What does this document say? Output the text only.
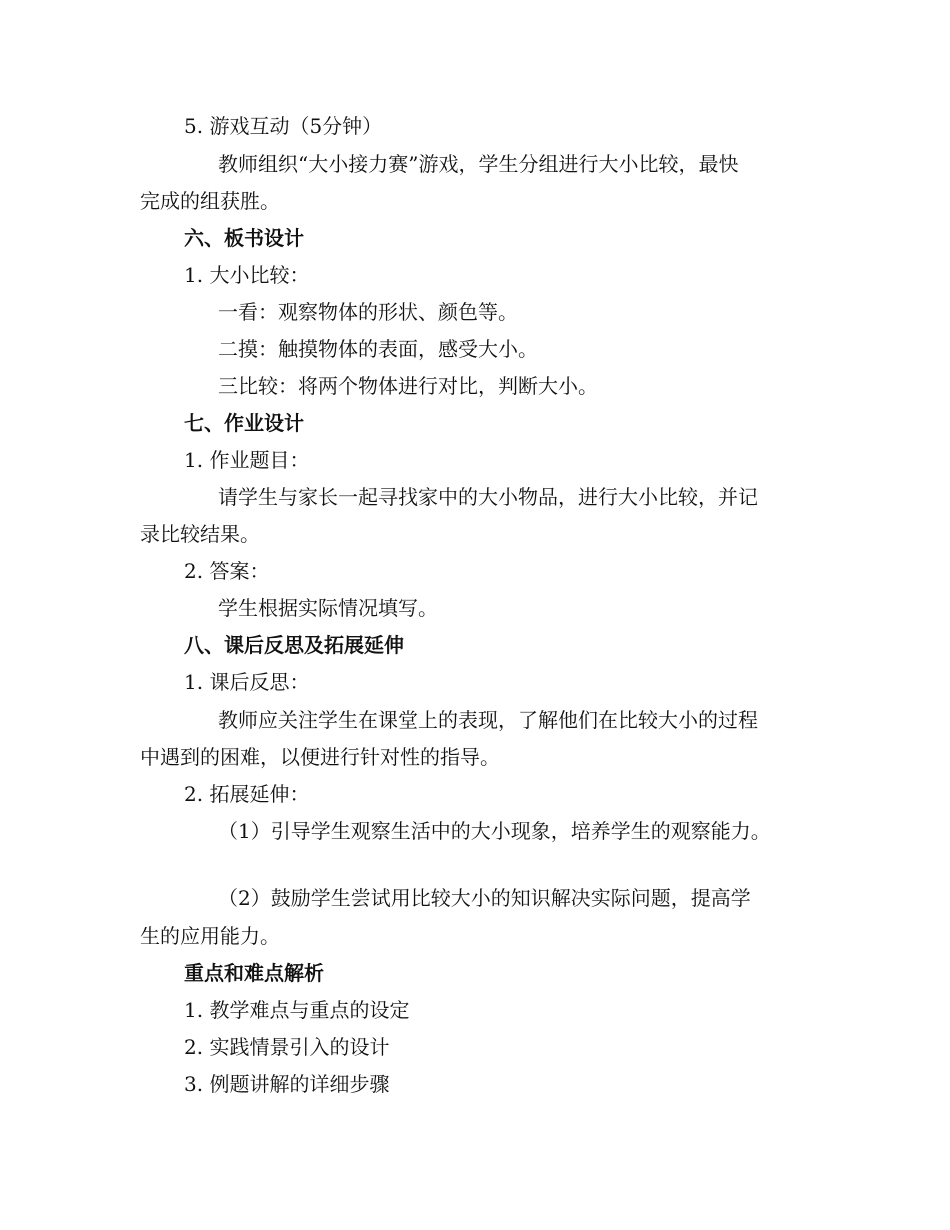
5. 游戏互动（5分钟）
教师组织“大小接力赛”游戏，学生分组进行大小比较，最快
完成的组获胜。
六、板书设计
1. 大小比较：
一看：观察物体的形状、颜色等。
二摸：触摸物体的表面，感受大小。
三比较：将两个物体进行对比，判断大小。
七、作业设计
1. 作业题目：
请学生与家长一起寻找家中的大小物品，进行大小比较，并记
录比较结果。
2. 答案：
学生根据实际情况填写。
八、课后反思及拓展延伸
1. 课后反思：
教师应关注学生在课堂上的表现，了解他们在比较大小的过程
中遇到的困难，以便进行针对性的指导。
2. 拓展延伸：
（1）引导学生观察生活中的大小现象，培养学生的观察能力。
（2）鼓励学生尝试用比较大小的知识解决实际问题，提高学
生的应用能力。
重点和难点解析
1. 教学难点与重点的设定
2. 实践情景引入的设计
3. 例题讲解的详细步骤
